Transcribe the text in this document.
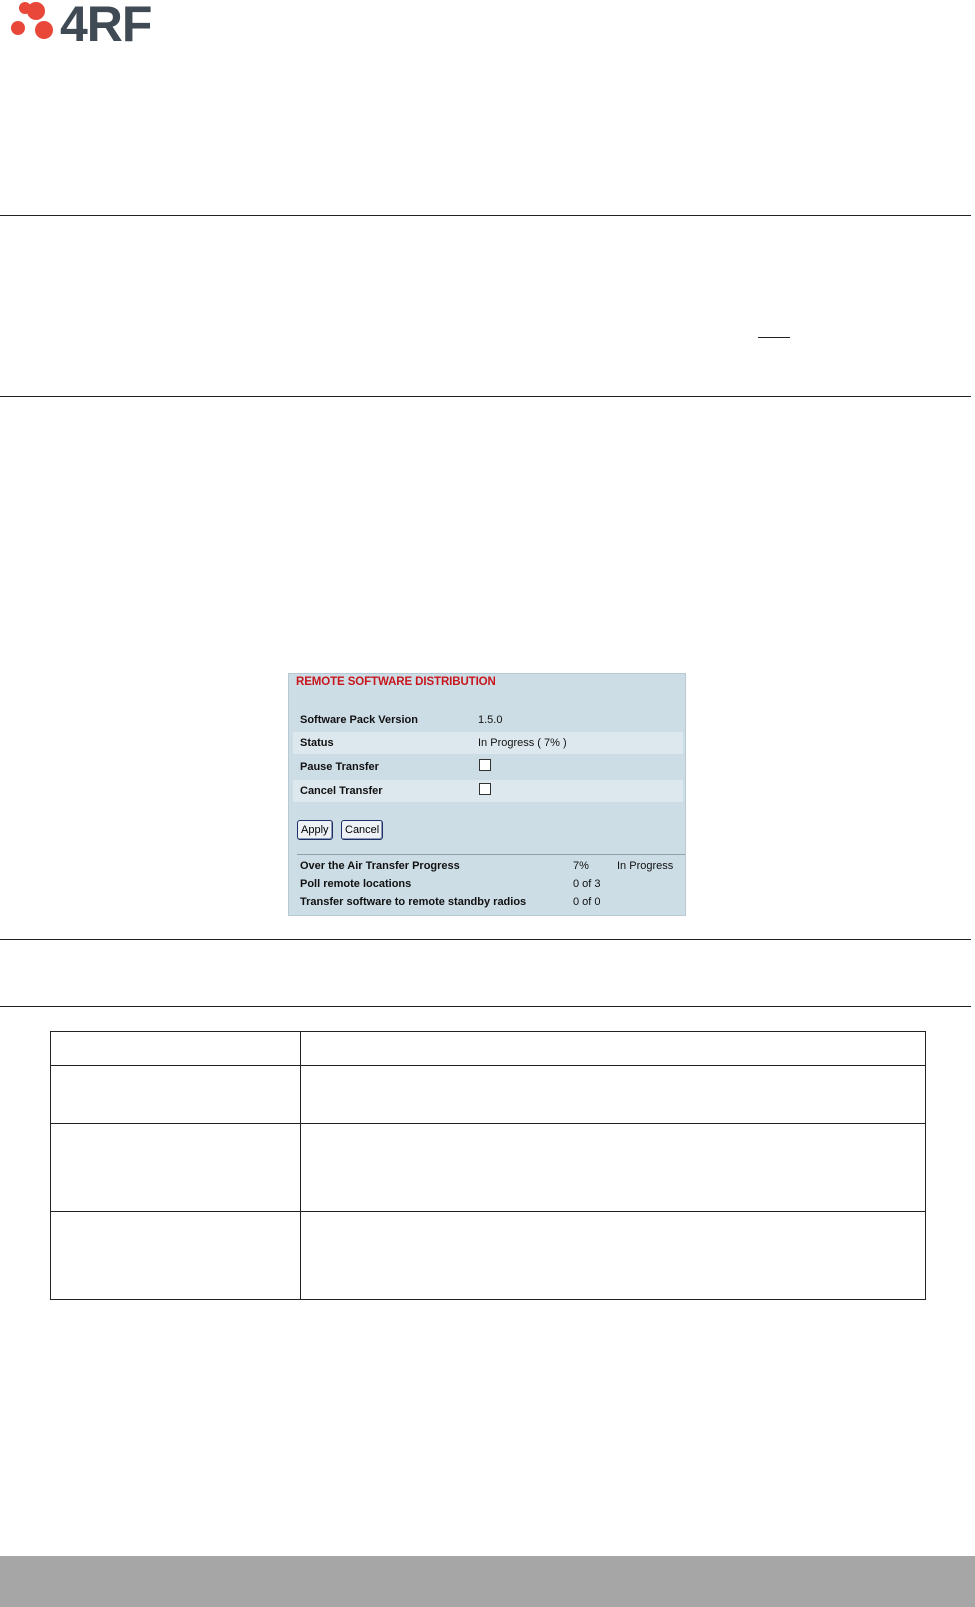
4RF
REMOTE SOFTWARE DISTRIBUTION
Software Pack Version	1.5.0
Status	In Progress ( 7% )
Pause Transfer
Cancel Transfer
Apply	Cancel
Over the Air Transfer Progress	7%	In Progress
Poll remote locations	0 of 3
Transfer software to remote standby radios	0 of 0
